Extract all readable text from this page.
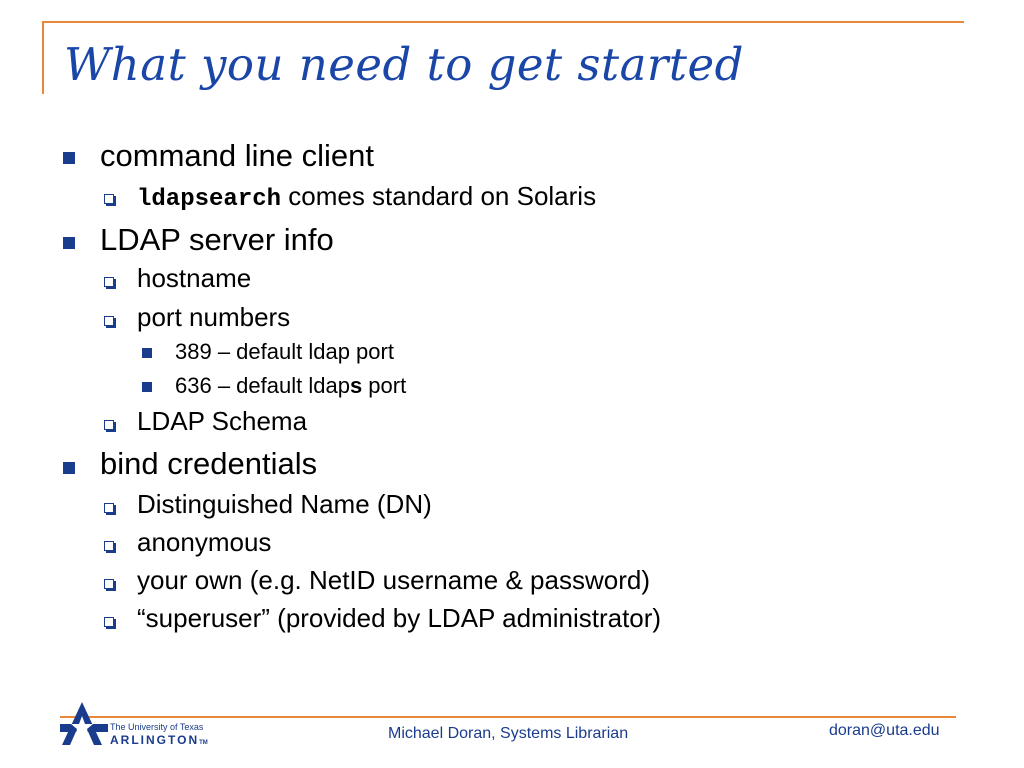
What you need to get started
command line client
ldapsearch comes standard on Solaris
LDAP server info
hostname
port numbers
389 – default ldap port
636 – default ldaps port
LDAP Schema
bind credentials
Distinguished Name (DN)
anonymous
your own (e.g. NetID username & password)
“superuser” (provided by LDAP administrator)
The University of Texas
ARLINGTONTM
Michael Doran, Systems Librarian	doran@uta.edu
